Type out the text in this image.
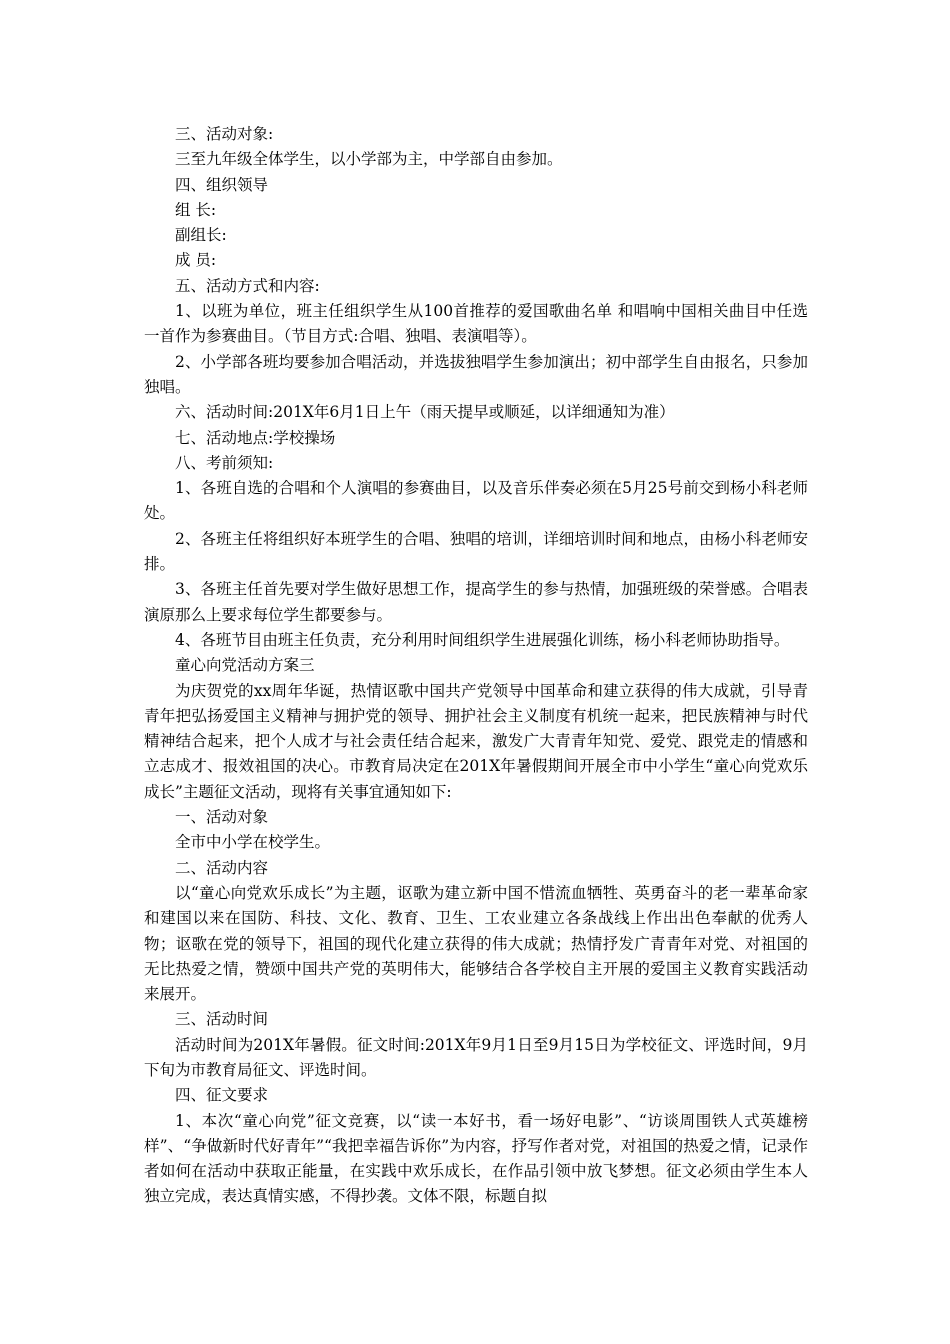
三、活动对象:

三至九年级全体学生，以小学部为主，中学部自由参加。

四、组织领导

组 长:

副组长:

成 员:

五、活动方式和内容:

1、以班为单位，班主任组织学生从100首推荐的爱国歌曲名单 和唱响中国相关曲目中任选一首作为参赛曲目。（节目方式:合唱、独唱、表演唱等）。

2、小学部各班均要参加合唱活动，并选拔独唱学生参加演出；初中部学生自由报名，只参加独唱。

六、活动时间:201X年6月1日上午（雨天提早或顺延，以详细通知为准）

七、活动地点:学校操场

八、考前须知:

1、各班自选的合唱和个人演唱的参赛曲目，以及音乐伴奏必须在5月25号前交到杨小科老师处。

2、各班主任将组织好本班学生的合唱、独唱的培训，详细培训时间和地点，由杨小科老师安排。

3、各班主任首先要对学生做好思想工作，提高学生的参与热情，加强班级的荣誉感。合唱表演原那么上要求每位学生都要参与。

4、各班节目由班主任负责，充分利用时间组织学生进展强化训练，杨小科老师协助指导。

童心向党活动方案三

为庆贺党的xx周年华诞，热情讴歌中国共产党领导中国革命和建立获得的伟大成就，引导青青年把弘扬爱国主义精神与拥护党的领导、拥护社会主义制度有机统一起来，把民族精神与时代精神结合起来，把个人成才与社会责任结合起来，激发广大青青年知党、爱党、跟党走的情感和立志成才、报效祖国的决心。市教育局决定在201X年暑假期间开展全市中小学生“童心向党欢乐成长”主题征文活动，现将有关事宜通知如下:

一、活动对象

全市中小学在校学生。

二、活动内容

以“童心向党欢乐成长”为主题，讴歌为建立新中国不惜流血牺牲、英勇奋斗的老一辈革命家和建国以来在国防、科技、文化、教育、卫生、工农业建立各条战线上作出出色奉献的优秀人物；讴歌在党的领导下，祖国的现代化建立获得的伟大成就；热情抒发广青青年对党、对祖国的无比热爱之情，赞颂中国共产党的英明伟大，能够结合各学校自主开展的爱国主义教育实践活动来展开。

三、活动时间

活动时间为201X年暑假。征文时间:201X年9月1日至9月15日为学校征文、评选时间，9月下旬为市教育局征文、评选时间。

四、征文要求

1、本次“童心向党”征文竞赛，以“读一本好书，看一场好电影”、“访谈周围铁人式英雄榜样”、“争做新时代好青年”“我把幸福告诉你”为内容，抒写作者对党，对祖国的热爱之情，记录作者如何在活动中获取正能量，在实践中欢乐成长，在作品引领中放飞梦想。征文必须由学生本人独立完成，表达真情实感，不得抄袭。文体不限，标题自拟
